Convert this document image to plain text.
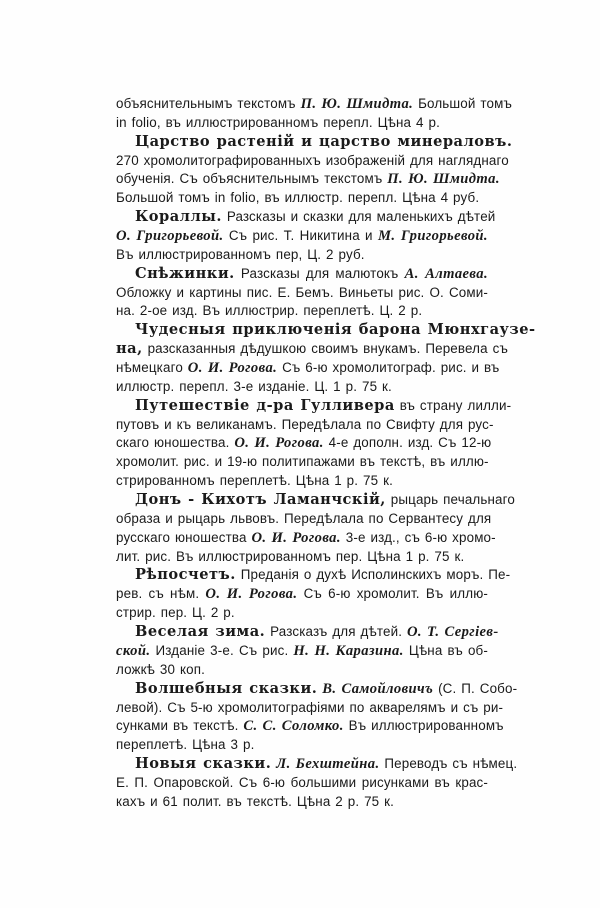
объяснительнымъ текстомъ П. Ю. Шмидта. Большой томъ
in folio, въ иллюстрированномъ перепл. Цѣна 4 р.
Царство растеній и царство минераловъ.
270 хромолитографированныхъ изображеній для нагляднаго
обученія. Съ объяснительнымъ текстомъ П. Ю. Шмидта.
Большой томъ in folio, въ иллюстр. перепл. Цѣна 4 руб.
Кораллы. Разсказы и сказки для маленькихъ дѣтей
О. Григорьевой. Съ рис. Т. Никитина и М. Григорьевой.
Въ иллюстрированномъ пер, Ц. 2 руб.
Снѣжинки. Разсказы для малютокъ А. Алтаева.
Обложку и картины пис. Е. Бемъ. Виньеты рис. О. Соми-
на. 2-ое изд. Въ иллюстрир. переплетѣ. Ц. 2 р.
Чудесныя приключенія барона Мюнхгаузе-
на, разсказанныя дѣдушкою своимъ внукамъ. Перевела съ
нѣмецкаго О. И. Рогова. Съ 6-ю хромолитограф. рис. и въ
иллюстр. перепл. 3-е изданіе. Ц. 1 р. 75 к.
Путешествіе д-ра Гулливера въ страну лилли-
путовъ и къ великанамъ. Передѣлала по Свифту для рус-
скаго юношества. О. И. Рогова. 4-е дополн. изд. Съ 12-ю
хромолит. рис. и 19-ю политипажами въ текстѣ, въ иллю-
стрированномъ переплетѣ. Цѣна 1 р. 75 к.
Донъ - Кихотъ Ламанчскій, рыцарь печальнаго
образа и рыцарь львовъ. Передѣлала по Сервантесу для
русскаго юношества О. И. Рогова. 3-е изд., съ 6-ю хромо-
лит. рис. Въ иллюстрированномъ пер. Цѣна 1 р. 75 к.
Рѣпосчетъ. Преданія о духѣ Исполинскихъ моръ. Пе-
рев. съ нѣм. О. И. Рогова. Съ 6-ю хромолит. Въ иллю-
стрир. пер. Ц. 2 р.
Веселая зима. Разсказъ для дѣтей. О. Т. Сергіев-
ской. Изданіе 3-е. Съ рис. Н. Н. Каразина. Цѣна въ об-
ложкѣ 30 коп.
Волшебныя сказки. В. Самойловичъ (С. П. Собо-
левой). Съ 5-ю хромолитографіями по акварелямъ и съ ри-
сунками въ текстѣ. С. С. Соломко. Въ иллюстрированномъ
переплетѣ. Цѣна 3 р.
Новыя сказки. Л. Бехштейна. Переводъ съ нѣмец.
Е. П. Опаровской. Съ 6-ю большими рисунками въ крас-
кахъ и 61 полит. въ текстѣ. Цѣна 2 р. 75 к.
